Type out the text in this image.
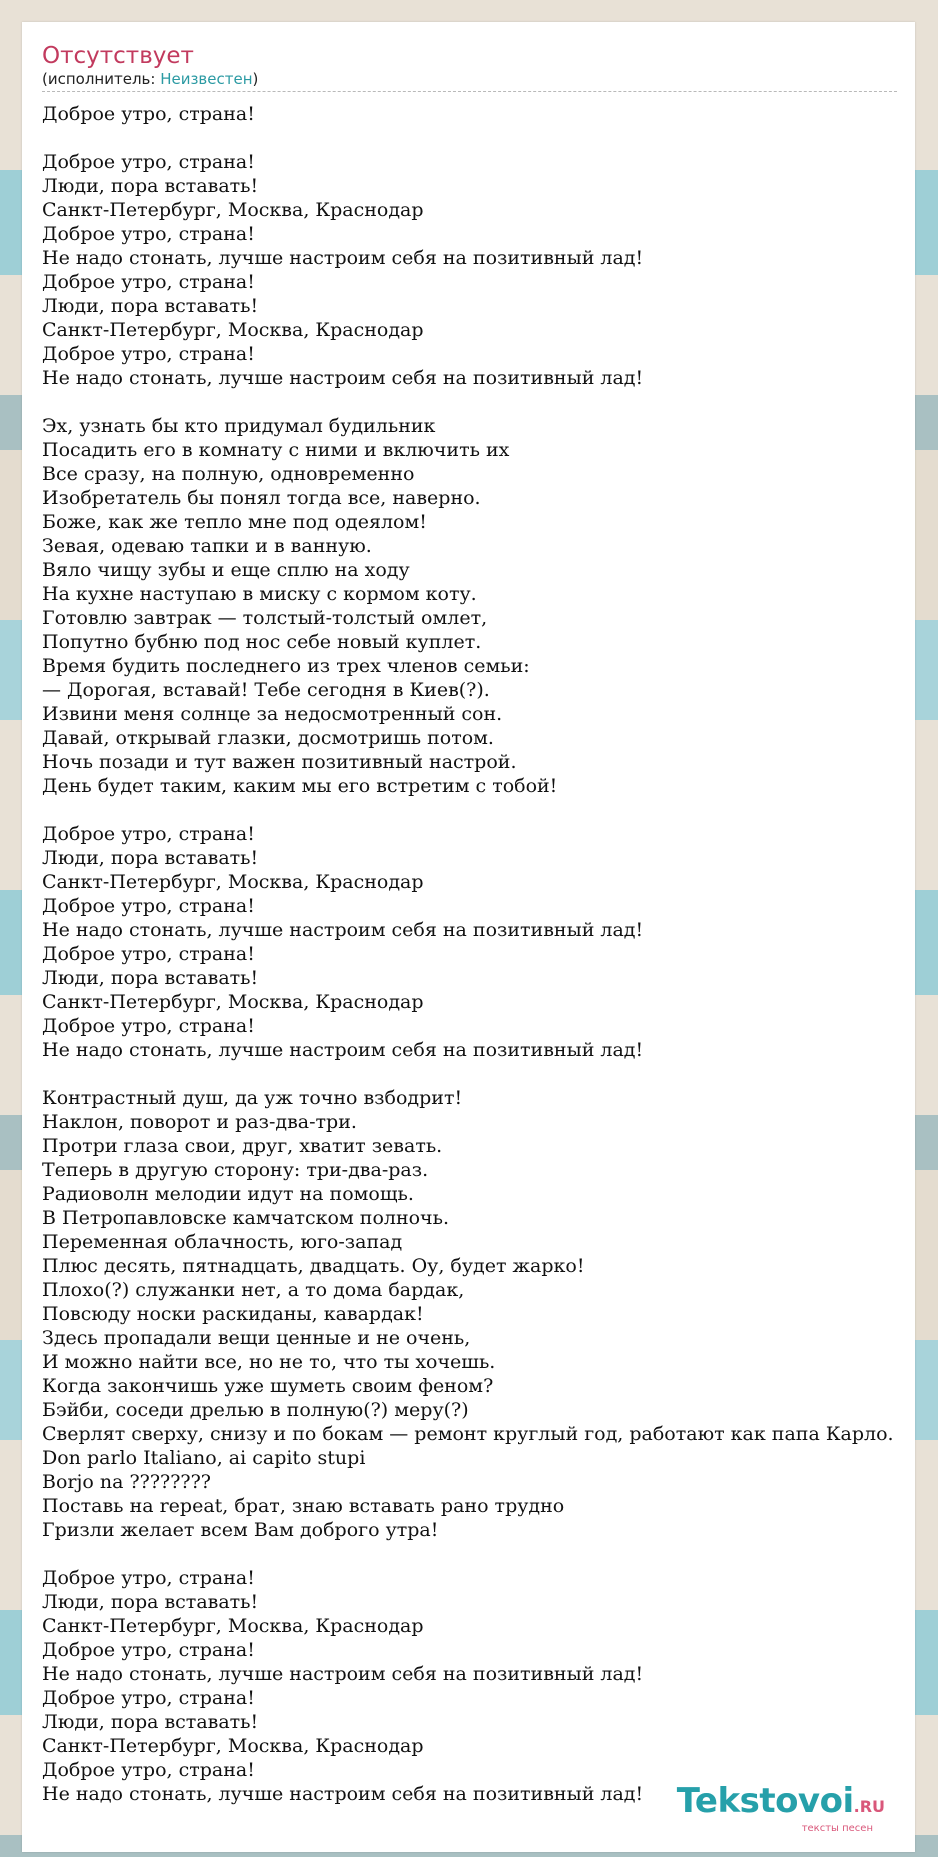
Отсутствует
(исполнитель: Неизвестен)
Доброе утро, страна!
Доброе утро, страна!
Люди, пора вставать!
Санкт-Петербург, Москва, Краснодар
Доброе утро, страна!
Не надо стонать, лучше настроим себя на позитивный лад!
Доброе утро, страна!
Люди, пора вставать!
Санкт-Петербург, Москва, Краснодар
Доброе утро, страна!
Не надо стонать, лучше настроим себя на позитивный лад!
Эх, узнать бы кто придумал будильник
Посадить его в комнату с ними и включить их
Все сразу, на полную, одновременно
Изобретатель бы понял тогда все, наверно.
Боже, как же тепло мне под одеялом!
Зевая, одеваю тапки и в ванную.
Вяло чищу зубы и еще сплю на ходу
На кухне наступаю в миску с кормом коту.
Готовлю завтрак — толстый-толстый омлет,
Попутно бубню под нос себе новый куплет.
Время будить последнего из трех членов семьи:
— Дорогая, вставай! Тебе сегодня в Киев(?).
Извини меня солнце за недосмотренный сон.
Давай, открывай глазки, досмотришь потом.
Ночь позади и тут важен позитивный настрой.
День будет таким, каким мы его встретим с тобой!
Доброе утро, страна!
Люди, пора вставать!
Санкт-Петербург, Москва, Краснодар
Доброе утро, страна!
Не надо стонать, лучше настроим себя на позитивный лад!
Доброе утро, страна!
Люди, пора вставать!
Санкт-Петербург, Москва, Краснодар
Доброе утро, страна!
Не надо стонать, лучше настроим себя на позитивный лад!
Контрастный душ, да уж точно взбодрит!
Наклон, поворот и раз-два-три.
Протри глаза свои, друг, хватит зевать.
Теперь в другую сторону: три-два-раз.
Радиоволн мелодии идут на помощь.
В Петропавловске камчатском полночь.
Переменная облачность, юго-запад
Плюс десять, пятнадцать, двадцать. Оу, будет жарко!
Плохо(?) служанки нет, а то дома бардак,
Повсюду носки раскиданы, кавардак!
Здесь пропадали вещи ценные и не очень,
И можно найти все, но не то, что ты хочешь.
Когда закончишь уже шуметь своим феном?
Бэйби, соседи дрелью в полную(?) меру(?)
Сверлят сверху, снизу и по бокам — ремонт круглый год, работают как папа Карло.
Don parlo Italiano, ai capito stupi
Borjo na ????????
Поставь на repeat, брат, знаю вставать рано трудно
Гризли желает всем Вам доброго утра!
Доброе утро, страна!
Люди, пора вставать!
Санкт-Петербург, Москва, Краснодар
Доброе утро, страна!
Не надо стонать, лучше настроим себя на позитивный лад!
Доброе утро, страна!
Люди, пора вставать!
Санкт-Петербург, Москва, Краснодар
Доброе утро, страна!
Не надо стонать, лучше настроим себя на позитивный лад! Tekstovoi.RU
тексты песен
